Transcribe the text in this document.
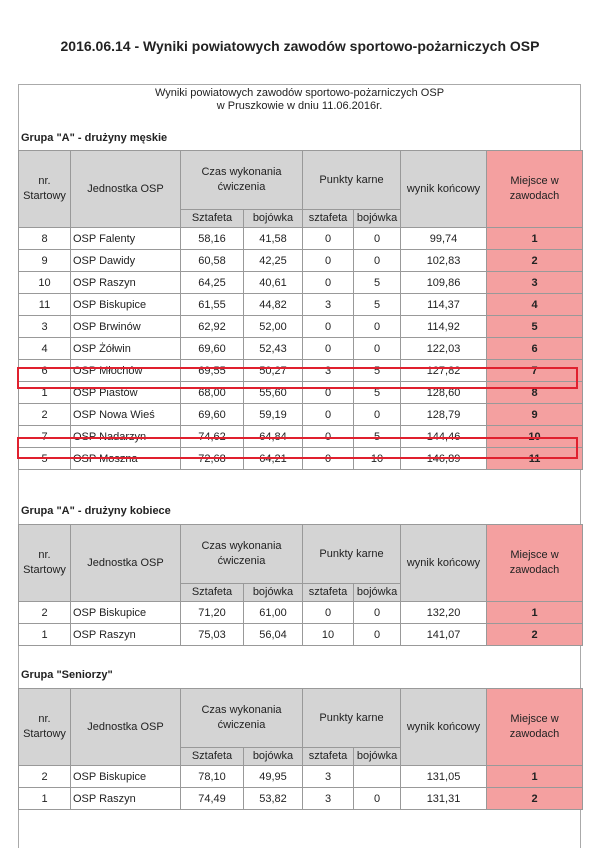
2016.06.14 - Wyniki powiatowych zawodów sportowo-pożarniczych OSP
Wyniki powiatowych zawodów sportowo-pożarniczych OSP
w Pruszkowie w dniu 11.06.2016r.
Grupa "A" - drużyny męskie
Grupa "A" - drużyny kobiece
Grupa "Seniorzy"
nr. Startowy	Jednostka OSP	Czas wykonania ćwiczenia		Punkty karne		wynik końcowy	Miejsce w zawodach
		Sztafeta	bojówka	sztafeta	bojówka		
8	OSP Falenty	58,16	41,58	0	0	99,74	1
9	OSP Dawidy	60,58	42,25	0	0	102,83	2
10	OSP Raszyn	64,25	40,61	0	5	109,86	3
11	OSP Biskupice	61,55	44,82	3	5	114,37	4
3	OSP Brwinów	62,92	52,00	0	0	114,92	5
4	OSP Żółwin	69,60	52,43	0	0	122,03	6
6	OSP Młochów	69,55	50,27	3	5	127,82	7
1	OSP Piastów	68,00	55,60	0	5	128,60	8
2	OSP Nowa Wieś	69,60	59,19	0	0	128,79	9
7	OSP Nadarzyn	74,62	64,84	0	5	144,46	10
5	OSP Moszna	72,68	64,21	0	10	146,89	11
nr. Startowy	Jednostka OSP	Czas wykonania ćwiczenia		Punkty karne		wynik końcowy	Miejsce w zawodach
		Sztafeta	bojówka	sztafeta	bojówka		
2	OSP Biskupice	71,20	61,00	0	0	132,20	1
1	OSP Raszyn	75,03	56,04	10	0	141,07	2
nr. Startowy	Jednostka OSP	Czas wykonania ćwiczenia		Punkty karne		wynik końcowy	Miejsce w zawodach
		Sztafeta	bojówka	sztafeta	bojówka		
2	OSP Biskupice	78,10	49,95	3		131,05	1
1	OSP Raszyn	74,49	53,82	3	0	131,31	2
